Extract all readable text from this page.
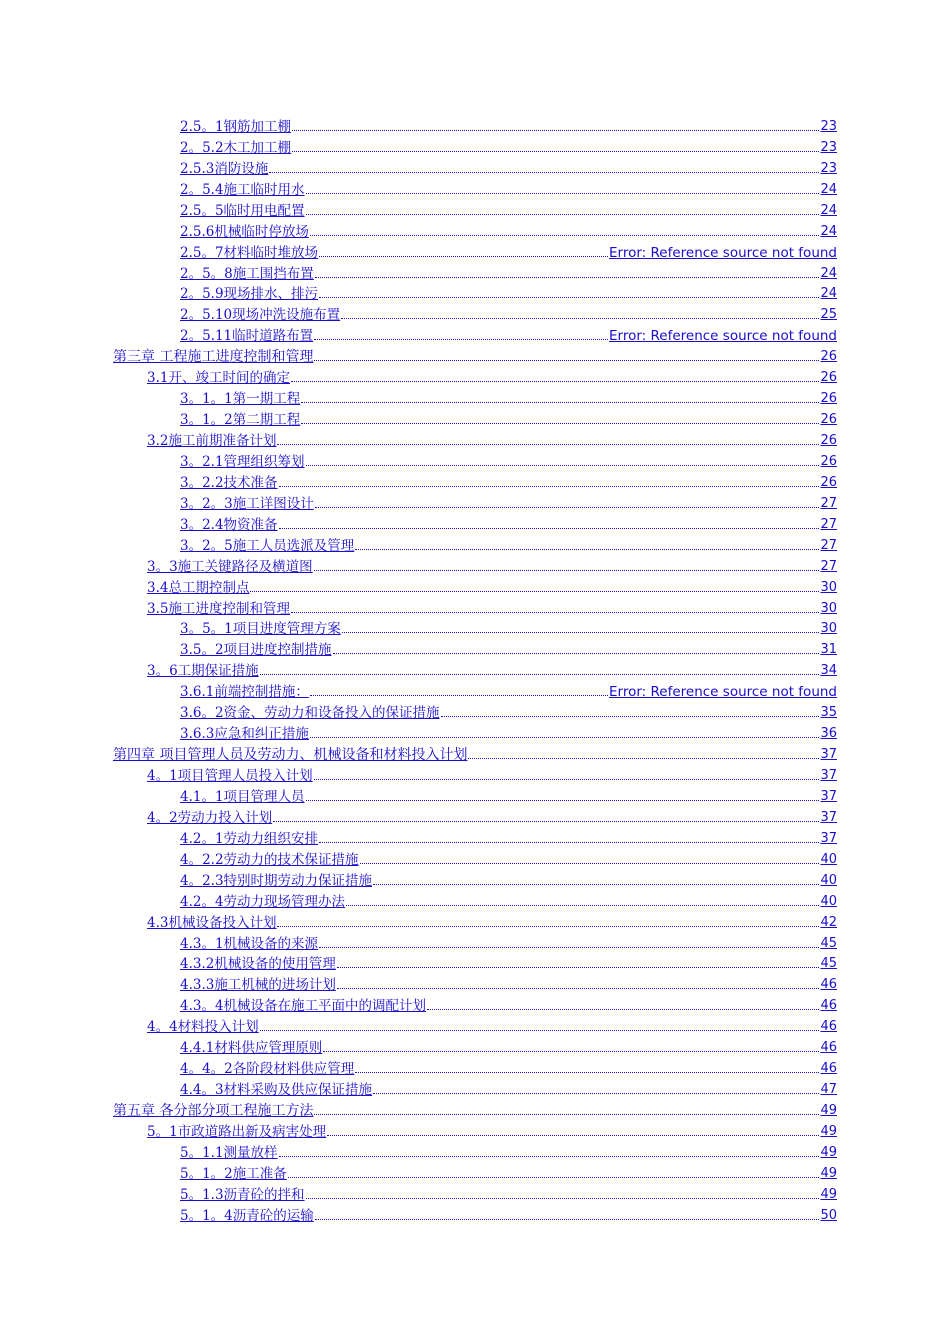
2.5。1钢筋加工棚	23
2。5.2木工加工棚	23
2.5.3消防设施	23
2。5.4施工临时用水	24
2.5。5临时用电配置	24
2.5.6机械临时停放场	24
2.5。7材料临时堆放场	Error: Reference source not found
2。5。8施工围挡布置	24
2。5.9现场排水、排污	24
2。5.10现场冲洗设施布置	25
2。5.11临时道路布置	Error: Reference source not found
第三章 工程施工进度控制和管理	26
3.1开、竣工时间的确定	26
3。1。1第一期工程	26
3。1。2第二期工程	26
3.2施工前期准备计划	26
3。2.1管理组织筹划	26
3。2.2技术准备	26
3。2。3施工详图设计	27
3。2.4物资准备	27
3。2。5施工人员选派及管理	27
3。3施工关键路径及横道图	27
3.4总工期控制点	30
3.5施工进度控制和管理	30
3。5。1项目进度管理方案	30
3.5。2项目进度控制措施	31
3。6工期保证措施	34
3.6.1前端控制措施：	Error: Reference source not found
3.6。2资金、劳动力和设备投入的保证措施	35
3.6.3应急和纠正措施	36
第四章 项目管理人员及劳动力、机械设备和材料投入计划	37
4。1项目管理人员投入计划	37
4.1。1项目管理人员	37
4。2劳动力投入计划	37
4.2。1劳动力组织安排	37
4。2.2劳动力的技术保证措施	40
4。2.3特别时期劳动力保证措施	40
4.2。4劳动力现场管理办法	40
4.3机械设备投入计划	42
4.3。1机械设备的来源	45
4.3.2机械设备的使用管理	45
4.3.3施工机械的进场计划	46
4.3。4机械设备在施工平面中的调配计划	46
4。4材料投入计划	46
4.4.1材料供应管理原则	46
4。4。2各阶段材料供应管理	46
4.4。3材料采购及供应保证措施	47
第五章 各分部分项工程施工方法	49
5。1市政道路出新及病害处理	49
5。1.1测量放样	49
5。1。2施工准备	49
5。1.3沥青砼的拌和	49
5。1。4沥青砼的运输	50
